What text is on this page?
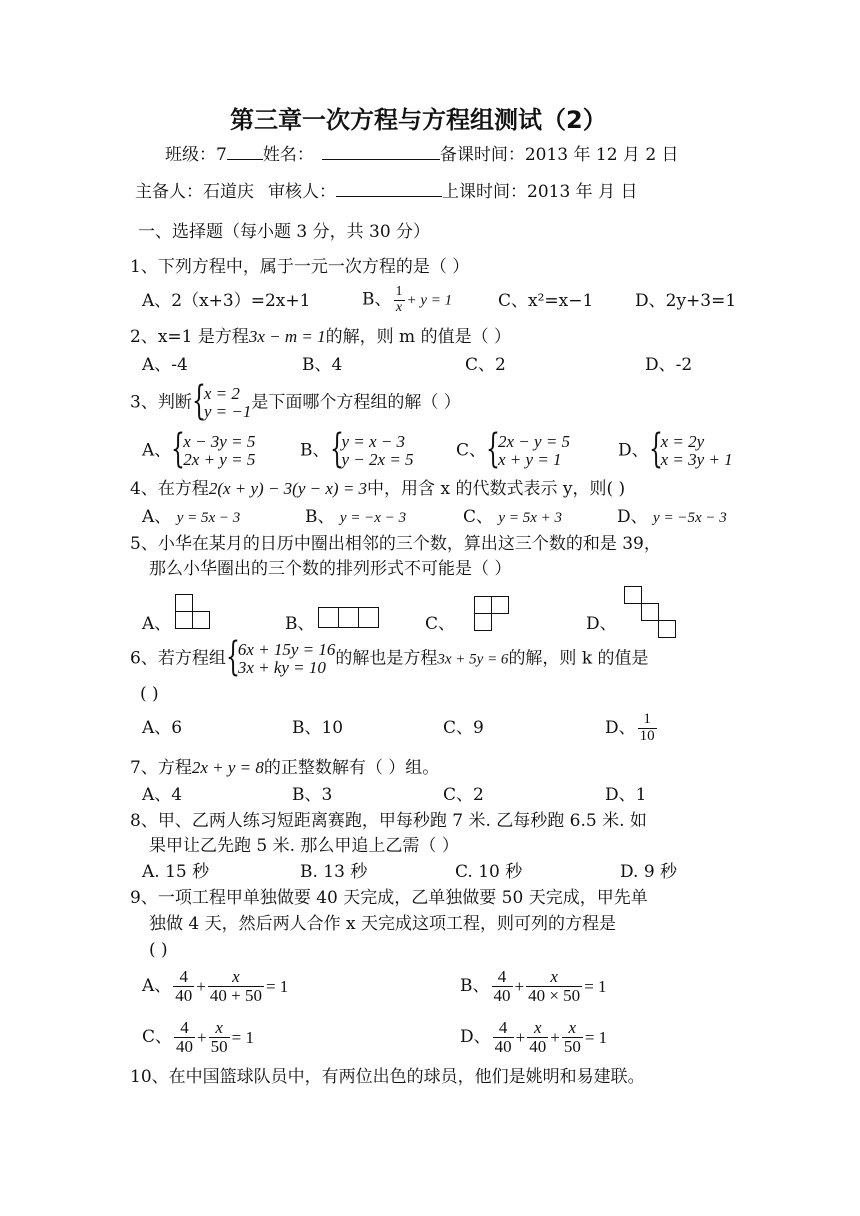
第三章一次方程与方程组测试（2）
班级：7 姓名：	备课时间：2013 年 12 月 2 日
主备人：石道庆 审核人：	上课时间：2013 年 月 日
一、选择题（每小题 3 分，共 30 分）
1、下列方程中，属于一元一次方程的是（ ）
A、2（x+3）=2x+1	B、 $\frac{1}{x} + y = 1$	C、x²=x−1 D、2y+3=1
2、x=1 是方程3x − m = 1的解，则 m 的值是（ ）
A、-4	B、4	C、2	D、-2
3、判断 {
x = 2
y = −1 是下面哪个方程组的解（ ）
A、 {
x − 3y = 5
2x + y = 5	B、 {
y = x − 3
y − 2x = 5 C、 {
2x − y = 5
x + y = 1	D、 {
x = 2y
x = 3y + 1
4、在方程2(x + y) − 3(y − x) = 3中，用含 x 的代数式表示 y，则( )
A、 y = 5x − 3	B、 y = −x − 3	C、 y = 5x + 3	D、 y = −5x − 3
5、小华在某月的日历中圈出相邻的三个数，算出这三个数的和是 39，
那么小华圈出的三个数的排列形式不可能是（ ）
A、	B、	C、	D、
6、若方程组 {
6x + 15y = 16
3x + ky = 10 的解也是方程3x + 5y = 6的解，则 k 的值是
( )
A、6	B、10	C、9	D、 $\frac{1}{10}$
7、方程2x + y = 8的正整数解有（ ）组。
A、4	B、3	C、2	D、1
8、甲、乙两人练习短距离赛跑，甲每秒跑 7 米. 乙每秒跑 6.5 米. 如
果甲让乙先跑 5 米. 那么甲追上乙需（ ）
A. 15 秒	B. 13 秒	C. 10 秒	D. 9 秒
9、一项工程甲单独做要 40 天完成，乙单独做要 50 天完成，甲先单
独做 4 天，然后两人合作 x 天完成这项工程，则可列的方程是
( )
A、 $\frac{4}{40} + \frac{x}{40 + 50} = 1$	B、 $\frac{4}{40} + \frac{x}{40 \times 50} = 1$
C、 $\frac{4}{40} + \frac{x}{50} = 1$	D、 $\frac{4}{40} + \frac{x}{40} + \frac{x}{50} = 1$
10、在中国篮球队员中，有两位出色的球员，他们是姚明和易建联。
